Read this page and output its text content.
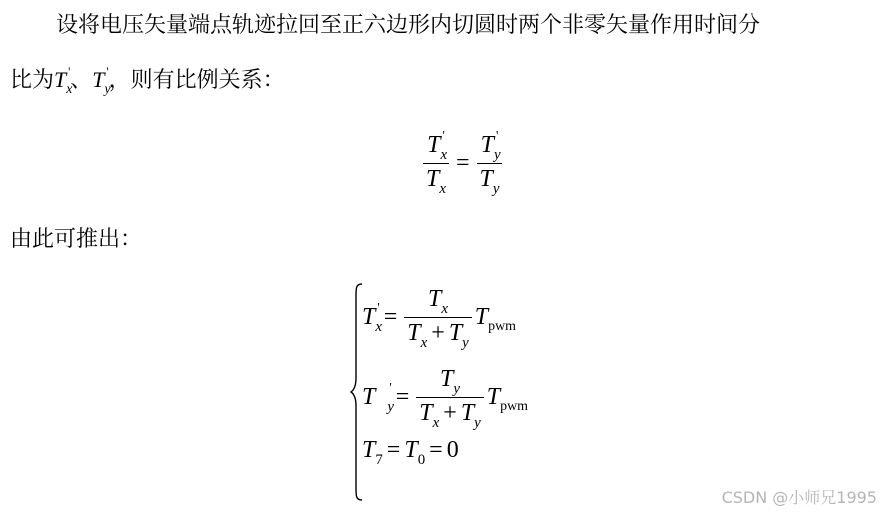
设将电压矢量端点轨迹拉回至正六边形内切圆时两个非零矢量作用时间分
比为$T_x'$、$T_y'$，则有比例关系：
$\frac{T_x'}{T_x} = \frac{T_y'}{T_y}$
由此可推出：
$T_x' = \frac{T_x}{T_x + T_y} T_{pwm}$
T $_y' = \frac{T_y}{T_x + T_y} T_{pwm}$
$T_7 = T_0 = 0$
CSDN @小师兄1995
